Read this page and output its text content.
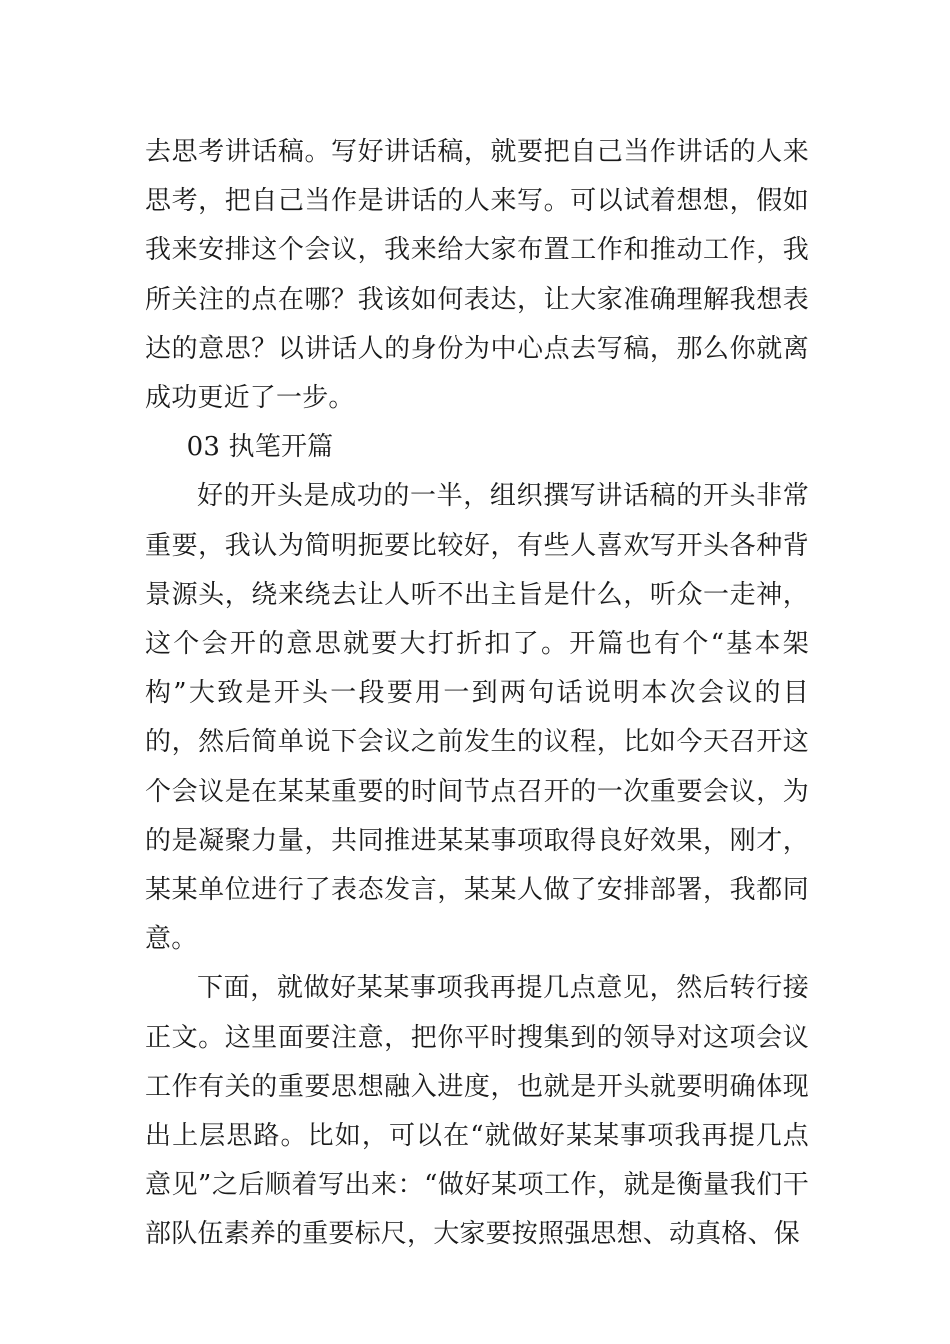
去思考讲话稿。写好讲话稿，就要把自己当作讲话的人来思考，把自己当作是讲话的人来写。可以试着想想，假如我来安排这个会议，我来给大家布置工作和推动工作，我所关注的点在哪？我该如何表达，让大家准确理解我想表达的意思？以讲话人的身份为中心点去写稿，那么你就离成功更近了一步。

03 执笔开篇

好的开头是成功的一半，组织撰写讲话稿的开头非常重要，我认为简明扼要比较好，有些人喜欢写开头各种背景源头，绕来绕去让人听不出主旨是什么，听众一走神，这个会开的意思就要大打折扣了。开篇也有个“基本架构”大致是开头一段要用一到两句话说明本次会议的目的，然后简单说下会议之前发生的议程，比如今天召开这个会议是在某某重要的时间节点召开的一次重要会议，为的是凝聚力量，共同推进某某事项取得良好效果，刚才，某某单位进行了表态发言，某某人做了安排部署，我都同意。

下面，就做好某某事项我再提几点意见，然后转行接正文。这里面要注意，把你平时搜集到的领导对这项会议工作有关的重要思想融入进度，也就是开头就要明确体现出上层思路。比如，可以在“就做好某某事项我再提几点意见”之后顺着写出来：“做好某项工作，就是衡量我们干部队伍素养的重要标尺，大家要按照强思想、动真格、保
